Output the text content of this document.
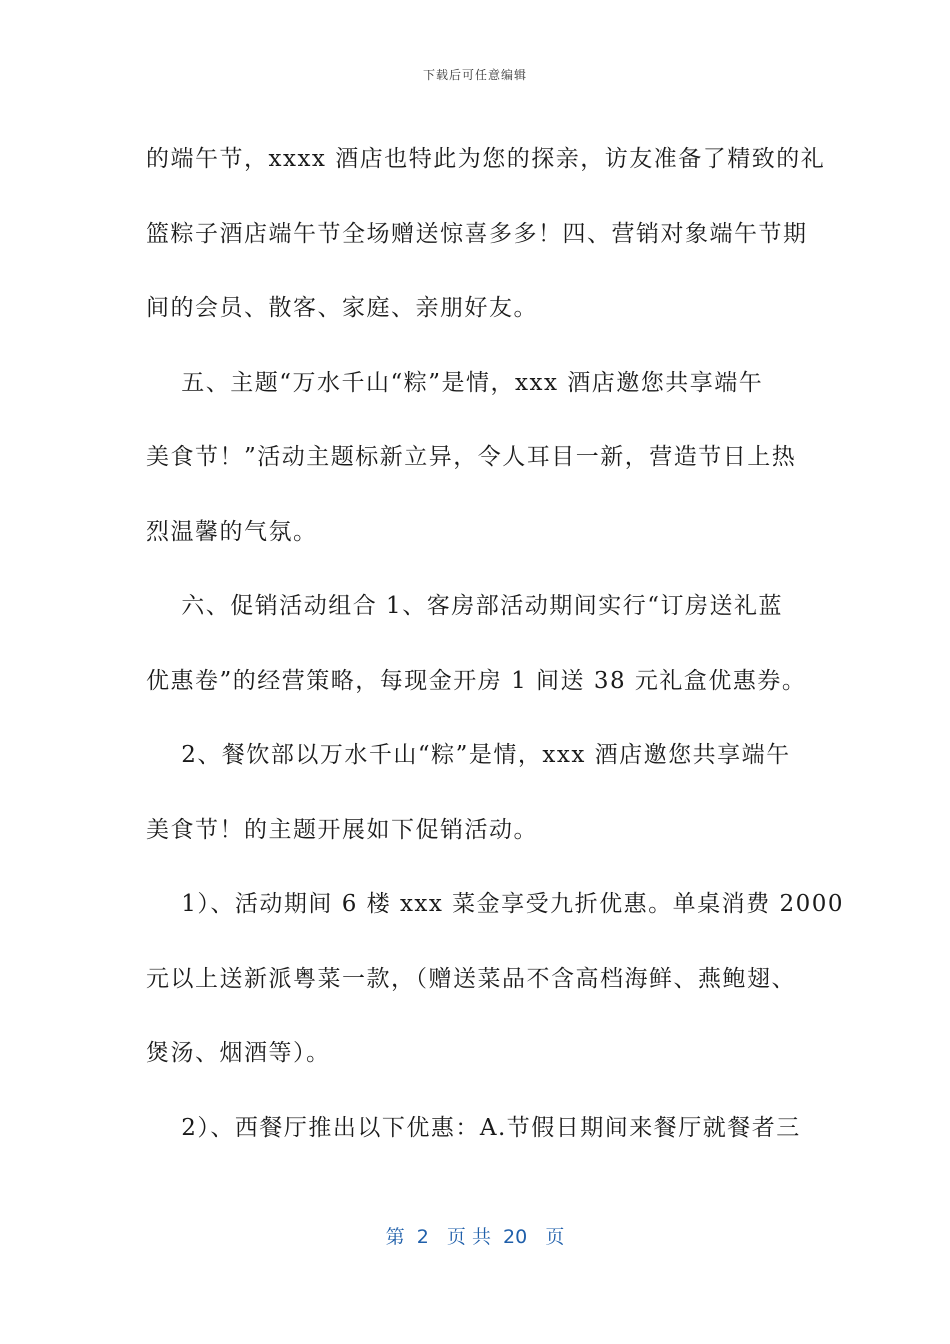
下载后可任意编辑
的端午节，xxxx 酒店也特此为您的探亲，访友准备了精致的礼
篮粽子酒店端午节全场赠送惊喜多多！四、营销对象端午节期
间的会员、散客、家庭、亲朋好友。
五、主题“万水千山“粽”是情，xxx 酒店邀您共享端午
美食节！”活动主题标新立异，令人耳目一新，营造节日上热
烈温馨的气氛。
六、促销活动组合 1、客房部活动期间实行“订房送礼蓝
优惠卷”的经营策略，每现金开房 1 间送 38 元礼盒优惠券。
2、餐饮部以万水千山“粽”是情，xxx 酒店邀您共享端午
美食节！的主题开展如下促销活动。
1）、活动期间 6 楼 xxx 菜金享受九折优惠。单桌消费 2000
元以上送新派粤菜一款，（赠送菜品不含高档海鲜、燕鲍翅、
煲汤、烟酒等）。
2）、西餐厅推出以下优惠：A.节假日期间来餐厅就餐者三
第  2   页 共  20   页
